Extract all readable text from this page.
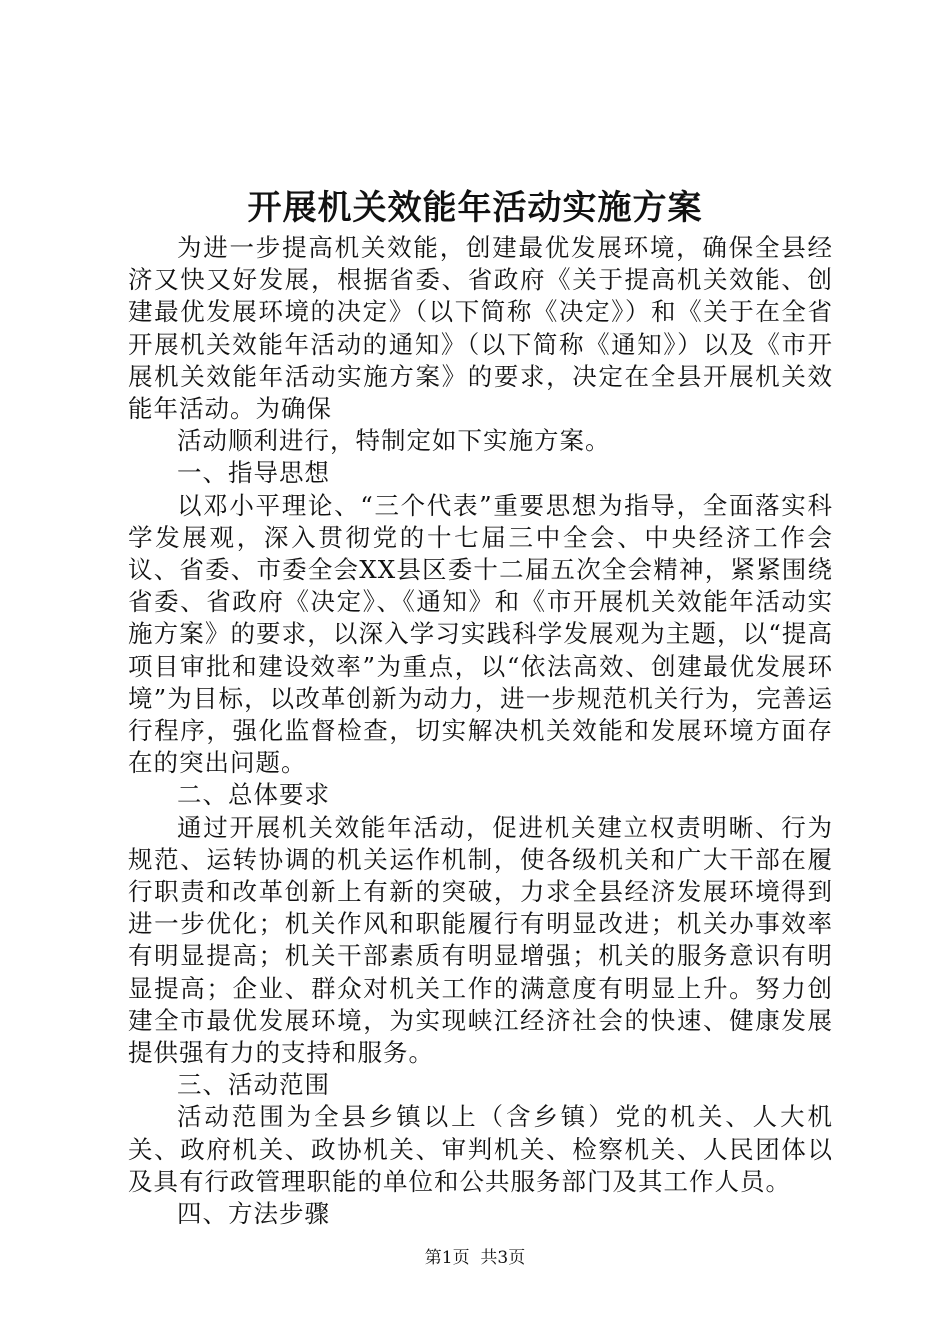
开展机关效能年活动实施方案

为进一步提高机关效能，创建最优发展环境，确保全县经济又快又好发展，根据省委、省政府《关于提高机关效能、创建最优发展环境的决定》（以下简称《决定》）和《关于在全省开展机关效能年活动的通知》（以下简称《通知》）以及《市开展机关效能年活动实施方案》的要求，决定在全县开展机关效能年活动。为确保

活动顺利进行，特制定如下实施方案。

一、指导思想

以邓小平理论、“三个代表”重要思想为指导，全面落实科学发展观，深入贯彻党的十七届三中全会、中央经济工作会议、省委、市委全会XX县区委十二届五次全会精神，紧紧围绕省委、省政府《决定》、《通知》和《市开展机关效能年活动实施方案》的要求，以深入学习实践科学发展观为主题，以“提高项目审批和建设效率”为重点，以“依法高效、创建最优发展环境”为目标，以改革创新为动力，进一步规范机关行为，完善运行程序，强化监督检查，切实解决机关效能和发展环境方面存在的突出问题。

二、总体要求

通过开展机关效能年活动，促进机关建立权责明晰、行为规范、运转协调的机关运作机制，使各级机关和广大干部在履行职责和改革创新上有新的突破，力求全县经济发展环境得到进一步优化；机关作风和职能履行有明显改进；机关办事效率有明显提高；机关干部素质有明显增强；机关的服务意识有明显提高；企业、群众对机关工作的满意度有明显上升。努力创建全市最优发展环境，为实现峡江经济社会的快速、健康发展提供强有力的支持和服务。

三、活动范围

活动范围为全县乡镇以上（含乡镇）党的机关、人大机关、政府机关、政协机关、审判机关、检察机关、人民团体以及具有行政管理职能的单位和公共服务部门及其工作人员。

四、方法步骤

第1页 共3页
